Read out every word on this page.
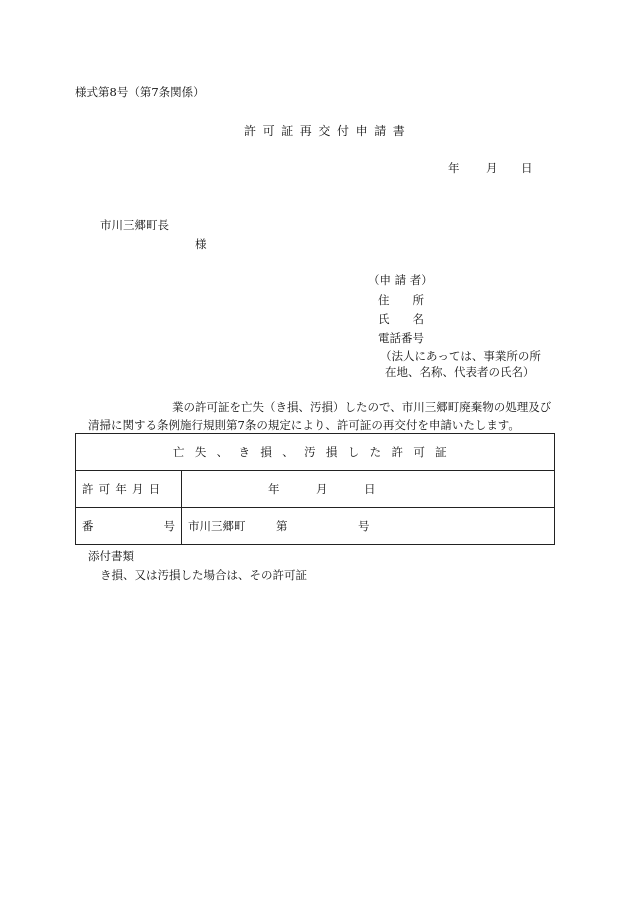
様式第8号（第7条関係）
許可証再交付申請書
年 月 日
市川三郷町長
様
（申 請 者）
住　　所
氏　　名
電話番号
（法人にあっては、事業所の所
在地、名称、代表者の氏名）
業の許可証を亡失（き損、汚損）したので、市川三郷町廃棄物の処理及び
清掃に関する条例施行規則第7条の規定により、許可証の再交付を申請いたします。
亡失、き損、汚損した許可証	
許可年月日	年 月 日

番 号	市川三郷町 第 号
添付書類
き損、又は汚損した場合は、その許可証
